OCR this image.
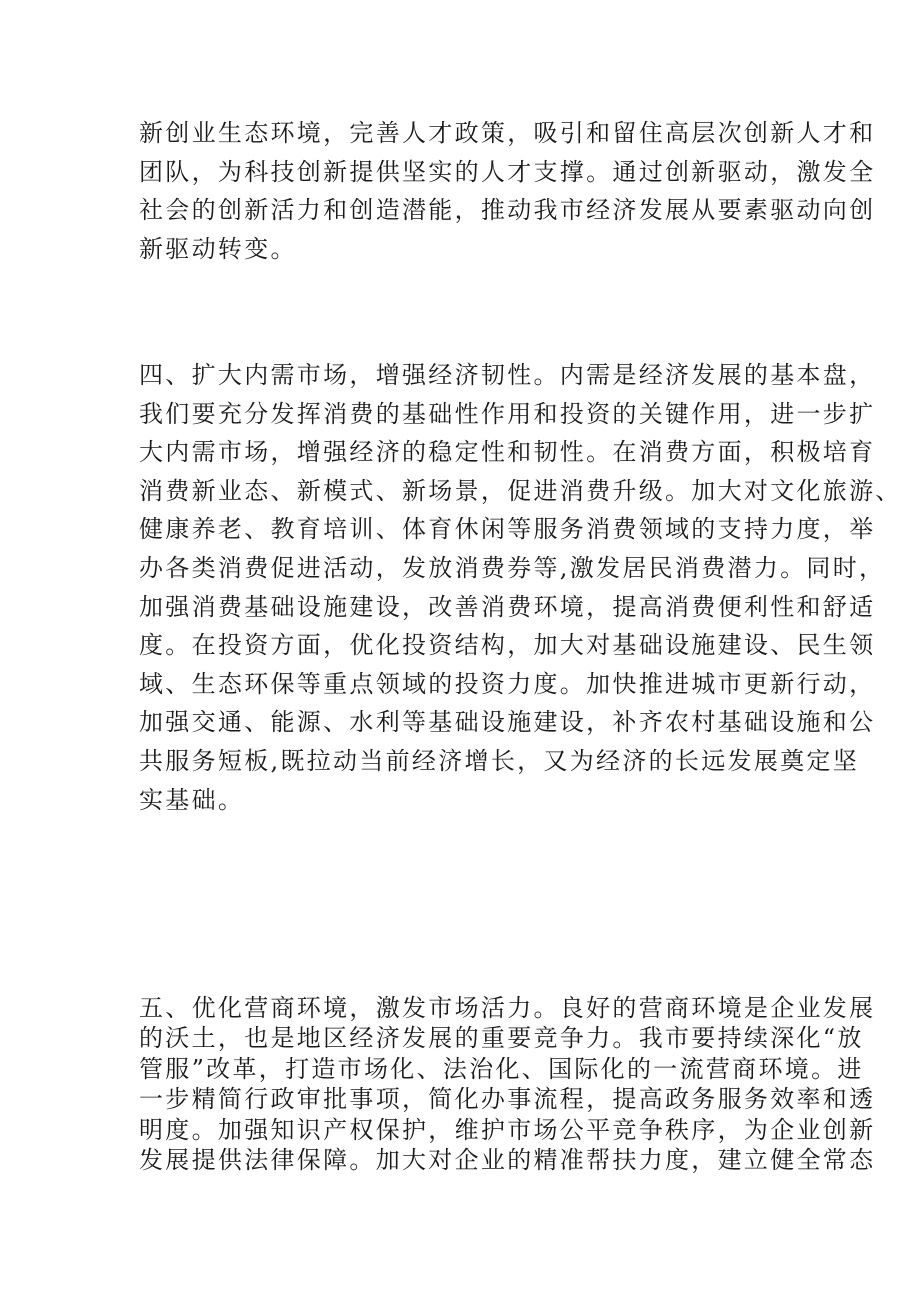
新创业生态环境，完善人才政策，吸引和留住高层次创新人才和
团队，为科技创新提供坚实的人才支撑。通过创新驱动，激发全
社会的创新活力和创造潜能，推动我市经济发展从要素驱动向创
新驱动转变。
四、扩大内需市场，增强经济韧性。内需是经济发展的基本盘，
我们要充分发挥消费的基础性作用和投资的关键作用，进一步扩
大内需市场，增强经济的稳定性和韧性。在消费方面，积极培育
消费新业态、新模式、新场景，促进消费升级。加大对文化旅游、
健康养老、教育培训、体育休闲等服务消费领域的支持力度，举
办各类消费促进活动，发放消费券等,激发居民消费潜力。同时，
加强消费基础设施建设，改善消费环境，提高消费便利性和舒适
度。在投资方面，优化投资结构，加大对基础设施建设、民生领
域、生态环保等重点领域的投资力度。加快推进城市更新行动，
加强交通、能源、水利等基础设施建设，补齐农村基础设施和公
共服务短板,既拉动当前经济增长，又为经济的长远发展奠定坚
实基础。
五、优化营商环境，激发市场活力。良好的营商环境是企业发展
的沃土，也是地区经济发展的重要竞争力。我市要持续深化“放
管服”改革，打造市场化、法治化、国际化的一流营商环境。进
一步精简行政审批事项，简化办事流程，提高政务服务效率和透
明度。加强知识产权保护，维护市场公平竞争秩序，为企业创新
发展提供法律保障。加大对企业的精准帮扶力度，建立健全常态
